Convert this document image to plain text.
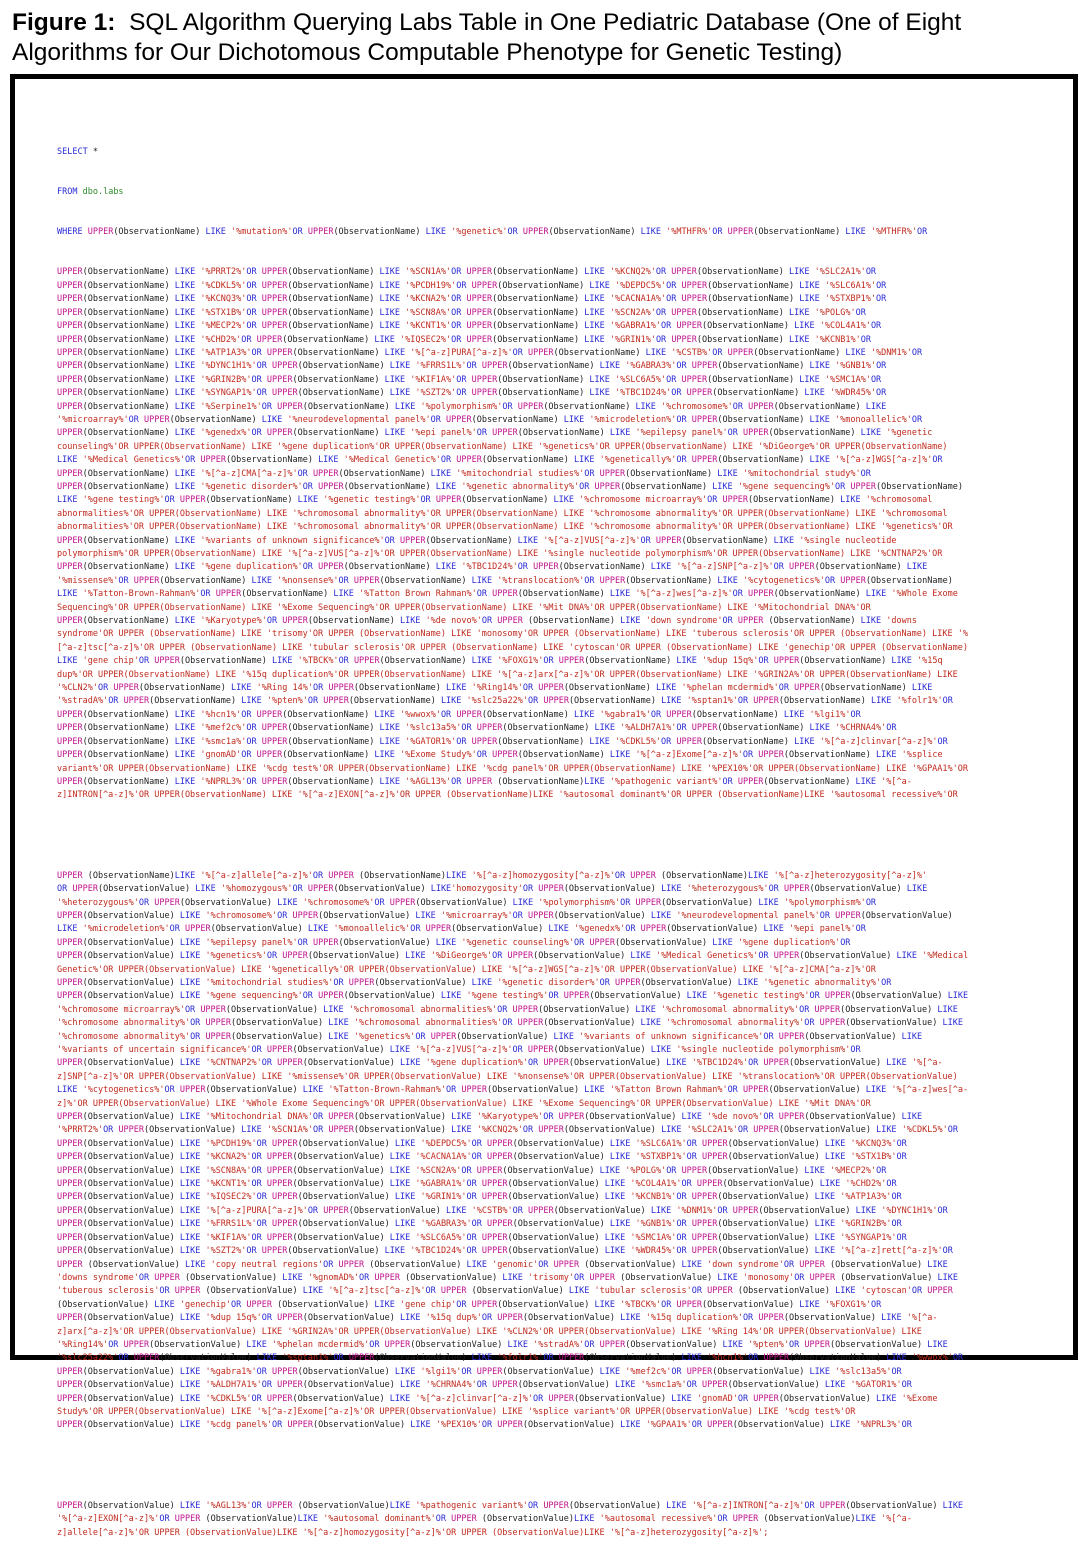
Figure 1: SQL Algorithm Querying Labs Table in One Pediatric Database (One of Eight Algorithms for Our Dichotomous Computable Phenotype for Genetic Testing)

SELECT *

FROM dbo.labs

WHERE UPPER(ObservationName) LIKE '%mutation%'OR UPPER(ObservationName) LIKE '%genetic%'OR UPPER(ObservationName) LIKE '%MTHFR%'OR UPPER(ObservationName) LIKE '%MTHFR%'OR

UPPER(ObservationName) LIKE '%PRRT2%'OR UPPER(ObservationName) LIKE '%SCN1A%'OR UPPER(ObservationName) LIKE '%KCNQ2%'OR UPPER(ObservationName) LIKE '%SLC2A1%'OR
UPPER(ObservationName) LIKE '%CDKL5%'OR UPPER(ObservationName) LIKE '%PCDH19%'OR UPPER(ObservationName) LIKE '%DEPDC5%'OR UPPER(ObservationName) LIKE '%SLC6A1%'OR
UPPER(ObservationName) LIKE '%KCNQ3%'OR UPPER(ObservationName) LIKE '%KCNA2%'OR UPPER(ObservationName) LIKE '%CACNA1A%'OR UPPER(ObservationName) LIKE '%STXBP1%'OR
UPPER(ObservationName) LIKE '%STX1B%'OR UPPER(ObservationName) LIKE '%SCN8A%'OR UPPER(ObservationName) LIKE '%SCN2A%'OR UPPER(ObservationName) LIKE '%POLG%'OR
UPPER(ObservationName) LIKE '%MECP2%'OR UPPER(ObservationName) LIKE '%KCNT1%'OR UPPER(ObservationName) LIKE '%GABRA1%'OR UPPER(ObservationName) LIKE '%COL4A1%'OR
UPPER(ObservationName) LIKE '%CHD2%'OR UPPER(ObservationName) LIKE '%IQSEC2%'OR UPPER(ObservationName) LIKE '%GRIN1%'OR UPPER(ObservationName) LIKE '%KCNB1%'OR
UPPER(ObservationName) LIKE '%ATP1A3%'OR UPPER(ObservationName) LIKE '%[^a-z]PURA[^a-z]%'OR UPPER(ObservationName) LIKE '%CSTB%'OR UPPER(ObservationName) LIKE '%DNM1%'OR
UPPER(ObservationName) LIKE '%DYNC1H1%'OR UPPER(ObservationName) LIKE '%FRRS1L%'OR UPPER(ObservationName) LIKE '%GABRA3%'OR UPPER(ObservationName) LIKE '%GNB1%'OR
UPPER(ObservationName) LIKE '%GRIN2B%'OR UPPER(ObservationName) LIKE '%KIF1A%'OR UPPER(ObservationName) LIKE '%SLC6A5%'OR UPPER(ObservationName) LIKE '%SMC1A%'OR
UPPER(ObservationName) LIKE '%SYNGAP1%'OR UPPER(ObservationName) LIKE '%SZT2%'OR UPPER(ObservationName) LIKE '%TBC1D24%'OR UPPER(ObservationName) LIKE '%WDR45%'OR
UPPER(ObservationName) LIKE '%Serpine1%'OR UPPER(ObservationName) LIKE '%polymorphism%'OR UPPER(ObservationName) LIKE '%chromosome%'OR UPPER(ObservationName) LIKE
'%microarray%'OR UPPER(ObservationName) LIKE '%neurodevelopmental panel%'OR UPPER(ObservationName) LIKE '%microdeletion%'OR UPPER(ObservationName) LIKE '%monoallelic%'OR
UPPER(ObservationName) LIKE '%genedx%'OR UPPER(ObservationName) LIKE '%epi panel%'OR UPPER(ObservationName) LIKE '%epilepsy panel%'OR UPPER(ObservationName) LIKE '%genetic
counseling%'OR UPPER(ObservationName) LIKE '%gene duplication%'OR UPPER(ObservationName) LIKE '%genetics%'OR UPPER(ObservationName) LIKE '%DiGeorge%'OR UPPER(ObservationName)
LIKE '%Medical Genetics%'OR UPPER(ObservationName) LIKE '%Medical Genetic%'OR UPPER(ObservationName) LIKE '%genetically%'OR UPPER(ObservationName) LIKE '%[^a-z]WGS[^a-z]%'OR
UPPER(ObservationName) LIKE '%[^a-z]CMA[^a-z]%'OR UPPER(ObservationName) LIKE '%mitochondrial studies%'OR UPPER(ObservationName) LIKE '%mitochondrial study%'OR
UPPER(ObservationName) LIKE '%genetic disorder%'OR UPPER(ObservationName) LIKE '%genetic abnormality%'OR UPPER(ObservationName) LIKE '%gene sequencing%'OR UPPER(ObservationName)
LIKE '%gene testing%'OR UPPER(ObservationName) LIKE '%genetic testing%'OR UPPER(ObservationName) LIKE '%chromosome microarray%'OR UPPER(ObservationName) LIKE '%chromosomal
abnormalities%'OR UPPER(ObservationName) LIKE '%chromosomal abnormality%'OR UPPER(ObservationName) LIKE '%chromosome abnormality%'OR UPPER(ObservationName) LIKE '%chromosomal
abnormalities%'OR UPPER(ObservationName) LIKE '%chromosomal abnormality%'OR UPPER(ObservationName) LIKE '%chromosome abnormality%'OR UPPER(ObservationName) LIKE '%genetics%'OR
UPPER(ObservationName) LIKE '%variants of unknown significance%'OR UPPER(ObservationName) LIKE '%[^a-z]VUS[^a-z]%'OR UPPER(ObservationName) LIKE '%single nucleotide
polymorphism%'OR UPPER(ObservationName) LIKE '%[^a-z]VUS[^a-z]%'OR UPPER(ObservationName) LIKE '%single nucleotide polymorphism%'OR UPPER(ObservationName) LIKE '%CNTNAP2%'OR
UPPER(ObservationName) LIKE '%gene duplication%'OR UPPER(ObservationName) LIKE '%TBC1D24%'OR UPPER(ObservationName) LIKE '%[^a-z]SNP[^a-z]%'OR UPPER(ObservationName) LIKE
'%missense%'OR UPPER(ObservationName) LIKE '%nonsense%'OR UPPER(ObservationName) LIKE '%translocation%'OR UPPER(ObservationName) LIKE '%cytogenetics%'OR UPPER(ObservationName)
LIKE '%Tatton-Brown-Rahman%'OR UPPER(ObservationName) LIKE '%Tatton Brown Rahman%'OR UPPER(ObservationName) LIKE '%[^a-z]wes[^a-z]%'OR UPPER(ObservationName) LIKE '%Whole Exome
Sequencing%'OR UPPER(ObservationName) LIKE '%Exome Sequencing%'OR UPPER(ObservationName) LIKE '%Mit DNA%'OR UPPER(ObservationName) LIKE '%Mitochondrial DNA%'OR
UPPER(ObservationName) LIKE '%Karyotype%'OR UPPER(ObservationName) LIKE '%de novo%'OR UPPER (ObservationName) LIKE 'down syndrome'OR UPPER (ObservationName) LIKE 'downs
syndrome'OR UPPER (ObservationName) LIKE 'trisomy'OR UPPER (ObservationName) LIKE 'monosomy'OR UPPER (ObservationName) LIKE 'tuberous sclerosis'OR UPPER (ObservationName) LIKE '%
[^a-z]tsc[^a-z]%'OR UPPER (ObservationName) LIKE 'tubular sclerosis'OR UPPER (ObservationName) LIKE 'cytoscan'OR UPPER (ObservationName) LIKE 'genechip'OR UPPER (ObservationName)
LIKE 'gene chip'OR UPPER(ObservationName) LIKE '%TBCK%'OR UPPER(ObservationName) LIKE '%FOXG1%'OR UPPER(ObservationName) LIKE '%dup 15q%'OR UPPER(ObservationName) LIKE '%15q
dup%'OR UPPER(ObservationName) LIKE '%15q duplication%'OR UPPER(ObservationName) LIKE '%[^a-z]arx[^a-z]%'OR UPPER(ObservationName) LIKE '%GRIN2A%'OR UPPER(ObservationName) LIKE
'%CLN2%'OR UPPER(ObservationName) LIKE '%Ring 14%'OR UPPER(ObservationName) LIKE '%Ring14%'OR UPPER(ObservationName) LIKE '%phelan mcdermid%'OR UPPER(ObservationName) LIKE
'%stradA%'OR UPPER(ObservationName) LIKE '%pten%'OR UPPER(ObservationName) LIKE '%slc25a22%'OR UPPER(ObservationName) LIKE '%sptan1%'OR UPPER(ObservationName) LIKE '%folr1%'OR
UPPER(ObservationName) LIKE '%hcn1%'OR UPPER(ObservationName) LIKE '%wwox%'OR UPPER(ObservationName) LIKE '%gabra1%'OR UPPER(ObservationName) LIKE '%lgi1%'OR
UPPER(ObservationName) LIKE '%mef2c%'OR UPPER(ObservationName) LIKE '%slc13a5%'OR UPPER(ObservationName) LIKE '%ALDH7A1%'OR UPPER(ObservationName) LIKE '%CHRNA4%'OR
UPPER(ObservationName) LIKE '%smc1a%'OR UPPER(ObservationName) LIKE '%GATOR1%'OR UPPER(ObservationName) LIKE '%CDKL5%'OR UPPER(ObservationName) LIKE '%[^a-z]clinvar[^a-z]%'OR
UPPER(ObservationName) LIKE 'gnomAD'OR UPPER(ObservationName) LIKE '%Exome Study%'OR UPPER(ObservationName) LIKE '%[^a-z]Exome[^a-z]%'OR UPPER(ObservationName) LIKE '%splice
variant%'OR UPPER(ObservationName) LIKE '%cdg test%'OR UPPER(ObservationName) LIKE '%cdg panel%'OR UPPER(ObservationName) LIKE '%PEX10%'OR UPPER(ObservationName) LIKE '%GPAA1%'OR
UPPER(ObservationName) LIKE '%NPRL3%'OR UPPER(ObservationName) LIKE '%AGL13%'OR UPPER (ObservationName)LIKE '%pathogenic variant%'OR UPPER(ObservationName) LIKE '%[^a-
z]INTRON[^a-z]%'OR UPPER(ObservationName) LIKE '%[^a-z]EXON[^a-z]%'OR UPPER (ObservationName)LIKE '%autosomal dominant%'OR UPPER (ObservationName)LIKE '%autosomal recessive%'OR

UPPER (ObservationName)LIKE '%[^a-z]allele[^a-z]%'OR UPPER (ObservationName)LIKE '%[^a-z]homozygosity[^a-z]%'OR UPPER (ObservationName)LIKE '%[^a-z]heterozygosity[^a-z]%'
OR UPPER(ObservationValue) LIKE '%homozygous%'OR UPPER(ObservationValue) LIKE'homozygosity'OR UPPER(ObservationValue) LIKE '%heterozygous%'OR UPPER(ObservationValue) LIKE
'%heterozygous%'OR UPPER(ObservationValue) LIKE '%chromosome%'OR UPPER(ObservationValue) LIKE '%polymorphism%'OR UPPER(ObservationValue) LIKE '%polymorphism%'OR
UPPER(ObservationValue) LIKE '%chromosome%'OR UPPER(ObservationValue) LIKE '%microarray%'OR UPPER(ObservationValue) LIKE '%neurodevelopmental panel%'OR UPPER(ObservationValue)
LIKE '%microdeletion%'OR UPPER(ObservationValue) LIKE '%monoallelic%'OR UPPER(ObservationValue) LIKE '%genedx%'OR UPPER(ObservationValue) LIKE '%epi panel%'OR
UPPER(ObservationValue) LIKE '%epilepsy panel%'OR UPPER(ObservationValue) LIKE '%genetic counseling%'OR UPPER(ObservationValue) LIKE '%gene duplication%'OR
UPPER(ObservationValue) LIKE '%genetics%'OR UPPER(ObservationValue) LIKE '%DiGeorge%'OR UPPER(ObservationValue) LIKE '%Medical Genetics%'OR UPPER(ObservationValue) LIKE '%Medical
Genetic%'OR UPPER(ObservationValue) LIKE '%genetically%'OR UPPER(ObservationValue) LIKE '%[^a-z]WGS[^a-z]%'OR UPPER(ObservationValue) LIKE '%[^a-z]CMA[^a-z]%'OR
UPPER(ObservationValue) LIKE '%mitochondrial studies%'OR UPPER(ObservationValue) LIKE '%genetic disorder%'OR UPPER(ObservationValue) LIKE '%genetic abnormality%'OR
UPPER(ObservationValue) LIKE '%gene sequencing%'OR UPPER(ObservationValue) LIKE '%gene testing%'OR UPPER(ObservationValue) LIKE '%genetic testing%'OR UPPER(ObservationValue) LIKE
'%chromosome microarray%'OR UPPER(ObservationValue) LIKE '%chromosomal abnormalities%'OR UPPER(ObservationValue) LIKE '%chromosomal abnormality%'OR UPPER(ObservationValue) LIKE
'%chromosome abnormality%'OR UPPER(ObservationValue) LIKE '%chromosomal abnormalities%'OR UPPER(ObservationValue) LIKE '%chromosomal abnormality%'OR UPPER(ObservationValue) LIKE
'%chromosome abnormality%'OR UPPER(ObservationValue) LIKE '%genetics%'OR UPPER(ObservationValue) LIKE '%variants of unknown significance%'OR UPPER(ObservationValue) LIKE
'%variants of uncertain significance%'OR UPPER(ObservationValue) LIKE '%[^a-z]VUS[^a-z]%'OR UPPER(ObservationValue) LIKE '%single nucleotide polymorphism%'OR
UPPER(ObservationValue) LIKE '%CNTNAP2%'OR UPPER(ObservationValue) LIKE '%gene duplication%'OR UPPER(ObservationValue) LIKE '%TBC1D24%'OR UPPER(ObservationValue) LIKE '%[^a-
z]SNP[^a-z]%'OR UPPER(ObservationValue) LIKE '%missense%'OR UPPER(ObservationValue) LIKE '%nonsense%'OR UPPER(ObservationValue) LIKE '%translocation%'OR UPPER(ObservationValue)
LIKE '%cytogenetics%'OR UPPER(ObservationValue) LIKE '%Tatton-Brown-Rahman%'OR UPPER(ObservationValue) LIKE '%Tatton Brown Rahman%'OR UPPER(ObservationValue) LIKE '%[^a-z]wes[^a-
z]%'OR UPPER(ObservationValue) LIKE '%Whole Exome Sequencing%'OR UPPER(ObservationValue) LIKE '%Exome Sequencing%'OR UPPER(ObservationValue) LIKE '%Mit DNA%'OR
UPPER(ObservationValue) LIKE '%Mitochondrial DNA%'OR UPPER(ObservationValue) LIKE '%Karyotype%'OR UPPER(ObservationValue) LIKE '%de novo%'OR UPPER(ObservationValue) LIKE
'%PRRT2%'OR UPPER(ObservationValue) LIKE '%SCN1A%'OR UPPER(ObservationValue) LIKE '%KCNQ2%'OR UPPER(ObservationValue) LIKE '%SLC2A1%'OR UPPER(ObservationValue) LIKE '%CDKL5%'OR
UPPER(ObservationValue) LIKE '%PCDH19%'OR UPPER(ObservationValue) LIKE '%DEPDC5%'OR UPPER(ObservationValue) LIKE '%SLC6A1%'OR UPPER(ObservationValue) LIKE '%KCNQ3%'OR
UPPER(ObservationValue) LIKE '%KCNA2%'OR UPPER(ObservationValue) LIKE '%CACNA1A%'OR UPPER(ObservationValue) LIKE '%STXBP1%'OR UPPER(ObservationValue) LIKE '%STX1B%'OR
UPPER(ObservationValue) LIKE '%SCN8A%'OR UPPER(ObservationValue) LIKE '%SCN2A%'OR UPPER(ObservationValue) LIKE '%POLG%'OR UPPER(ObservationValue) LIKE '%MECP2%'OR
UPPER(ObservationValue) LIKE '%KCNT1%'OR UPPER(ObservationValue) LIKE '%GABRA1%'OR UPPER(ObservationValue) LIKE '%COL4A1%'OR UPPER(ObservationValue) LIKE '%CHD2%'OR
UPPER(ObservationValue) LIKE '%IQSEC2%'OR UPPER(ObservationValue) LIKE '%GRIN1%'OR UPPER(ObservationValue) LIKE '%KCNB1%'OR UPPER(ObservationValue) LIKE '%ATP1A3%'OR
UPPER(ObservationValue) LIKE '%[^a-z]PURA[^a-z]%'OR UPPER(ObservationValue) LIKE '%CSTB%'OR UPPER(ObservationValue) LIKE '%DNM1%'OR UPPER(ObservationValue) LIKE '%DYNC1H1%'OR
UPPER(ObservationValue) LIKE '%FRRS1L%'OR UPPER(ObservationValue) LIKE '%GABRA3%'OR UPPER(ObservationValue) LIKE '%GNB1%'OR UPPER(ObservationValue) LIKE '%GRIN2B%'OR
UPPER(ObservationValue) LIKE '%KIF1A%'OR UPPER(ObservationValue) LIKE '%SLC6A5%'OR UPPER(ObservationValue) LIKE '%SMC1A%'OR UPPER(ObservationValue) LIKE '%SYNGAP1%'OR
UPPER(ObservationValue) LIKE '%SZT2%'OR UPPER(ObservationValue) LIKE '%TBC1D24%'OR UPPER(ObservationValue) LIKE '%WDR45%'OR UPPER(ObservationValue) LIKE '%[^a-z]rett[^a-z]%'OR
UPPER (ObservationValue) LIKE 'copy neutral regions'OR UPPER (ObservationValue) LIKE 'genomic'OR UPPER (ObservationValue) LIKE 'down syndrome'OR UPPER (ObservationValue) LIKE
'downs syndrome'OR UPPER (ObservationValue) LIKE '%gnomAD%'OR UPPER (ObservationValue) LIKE 'trisomy'OR UPPER (ObservationValue) LIKE 'monosomy'OR UPPER (ObservationValue) LIKE
'tuberous sclerosis'OR UPPER (ObservationValue) LIKE '%[^a-z]tsc[^a-z]%'OR UPPER (ObservationValue) LIKE 'tubular sclerosis'OR UPPER (ObservationValue) LIKE 'cytoscan'OR UPPER
(ObservationValue) LIKE 'genechip'OR UPPER (ObservationValue) LIKE 'gene chip'OR UPPER(ObservationValue) LIKE '%TBCK%'OR UPPER(ObservationValue) LIKE '%FOXG1%'OR
UPPER(ObservationValue) LIKE '%dup 15q%'OR UPPER(ObservationValue) LIKE '%15q dup%'OR UPPER(ObservationValue) LIKE '%15q duplication%'OR UPPER(ObservationValue) LIKE '%[^a-
z]arx[^a-z]%'OR UPPER(ObservationValue) LIKE '%GRIN2A%'OR UPPER(ObservationValue) LIKE '%CLN2%'OR UPPER(ObservationValue) LIKE '%Ring 14%'OR UPPER(ObservationValue) LIKE
'%Ring14%'OR UPPER(ObservationValue) LIKE '%phelan mcdermid%'OR UPPER(ObservationValue) LIKE '%stradA%'OR UPPER(ObservationValue) LIKE '%pten%'OR UPPER(ObservationValue) LIKE
'%slc25a22%'OR UPPER(ObservationValue) LIKE '%sptan1%'OR UPPER(ObservationValue) LIKE '%folr1%'OR UPPER(ObservationValue) LIKE '%hcn1%'OR UPPER(ObservationValue) LIKE '%wwox%'OR
UPPER(ObservationValue) LIKE '%gabra1%'OR UPPER(ObservationValue) LIKE '%lgi1%'OR UPPER(ObservationValue) LIKE '%mef2c%'OR UPPER(ObservationValue) LIKE '%slc13a5%'OR
UPPER(ObservationValue) LIKE '%ALDH7A1%'OR UPPER(ObservationValue) LIKE '%CHRNA4%'OR UPPER(ObservationValue) LIKE '%smc1a%'OR UPPER(ObservationValue) LIKE '%GATOR1%'OR
UPPER(ObservationValue) LIKE '%CDKL5%'OR UPPER(ObservationValue) LIKE '%[^a-z]clinvar[^a-z]%'OR UPPER(ObservationValue) LIKE 'gnomAD'OR UPPER(ObservationValue) LIKE '%Exome
Study%'OR UPPER(ObservationValue) LIKE '%[^a-z]Exome[^a-z]%'OR UPPER(ObservationValue) LIKE '%splice variant%'OR UPPER(ObservationValue) LIKE '%cdg test%'OR
UPPER(ObservationValue) LIKE '%cdg panel%'OR UPPER(ObservationValue) LIKE '%PEX10%'OR UPPER(ObservationValue) LIKE '%GPAA1%'OR UPPER(ObservationValue) LIKE '%NPRL3%'OR

UPPER(ObservationValue) LIKE '%AGL13%'OR UPPER (ObservationValue)LIKE '%pathogenic variant%'OR UPPER(ObservationValue) LIKE '%[^a-z]INTRON[^a-z]%'OR UPPER(ObservationValue) LIKE
'%[^a-z]EXON[^a-z]%'OR UPPER (ObservationValue)LIKE '%autosomal dominant%'OR UPPER (ObservationValue)LIKE '%autosomal recessive%'OR UPPER (ObservationValue)LIKE '%[^a-
z]allele[^a-z]%'OR UPPER (ObservationValue)LIKE '%[^a-z]homozygosity[^a-z]%'OR UPPER (ObservationValue)LIKE '%[^a-z]heterozygosity[^a-z]%';
